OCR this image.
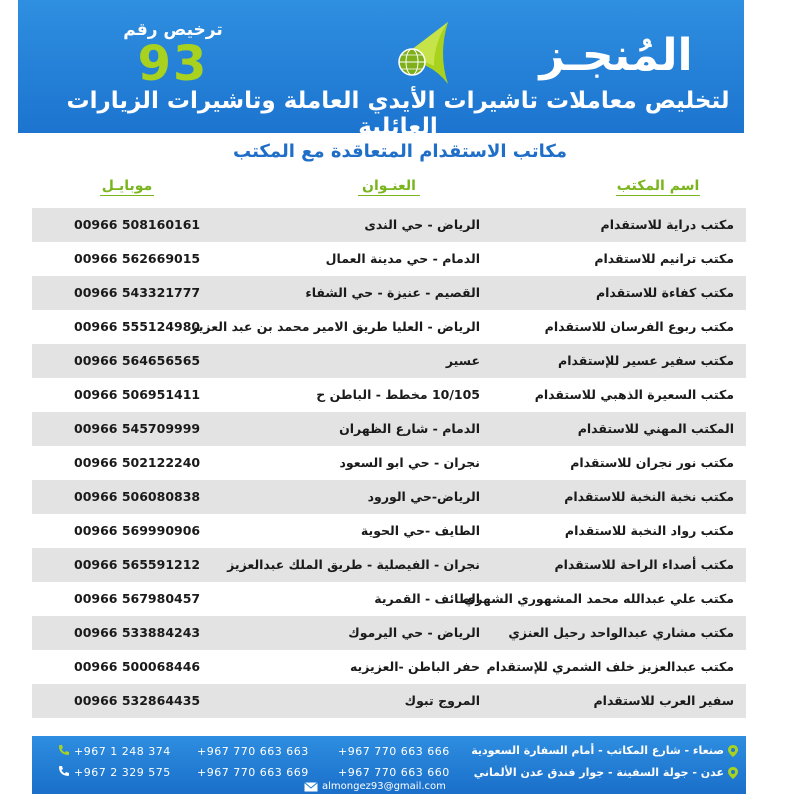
ترخيص رقم
93	المُنجـز
لتخليص معاملات تاشيرات الأيدي العاملة وتاشيرات الزيارات العائلية
مكاتب الاستقدام المتعاقدة مع المكتب
اسم المكتب
العنـوان
موبايـل
مكتب دراية للاستقدام
الرياض - حي الندى
00966 508160161
مكتب ترانيم للاستقدام
الدمام - حي مدينة العمال
00966 562669015
مكتب كفاءة للاستقدام
القصيم - عنيزة - حي الشفاء
00966 543321777
مكتب ربوع الفرسان للاستقدام
الرياض - العليا طريق الامير محمد بن عبد العزيز
00966 555124980
مكتب سفير عسير للإستقدام
عسير
00966 564656565
مكتب السعيرة الذهبي للاستقدام
10/105 مخطط - الباطن ح
00966 506951411
المكتب المهني للاستقدام
الدمام - شارع الظهران
00966 545709999
مكتب نور نجران للاستقدام
نجران - حي ابو السعود
00966 502122240
مكتب نخبة النخبة للاستقدام
الرياض-حي الورود
00966 506080838
مكتب رواد النخبة للاستقدام
الطايف -حي الحوية
00966 569990906
مكتب أصداء الراحة للاستقدام
نجران - الفيصلية - طريق الملك عبدالعزيز
00966 565591212
مكتب علي عبدالله محمد المشهوري الشهري
الطائف - القمرية
00966 567980457
مكتب مشاري عبدالواحد رحيل العنزي
الرياض - حي اليرموك
00966 533884243
مكتب عبدالعزيز خلف الشمري للإستقدام
حفر الباطن -العزيزيه
00966 500068446
سفير العرب للاستقدام
المروج تبوك
00966 532864435
صنعاء - شارع المكاتب - أمام السفارة السعودية
عدن - جولة السفينة - جوار فندق عدن الألماني
+967 770 663 666
+967 770 663 663
+967 1 248 374
+967 770 663 660
+967 770 663 669
+967 2 329 575
almongez93@gmail.com
